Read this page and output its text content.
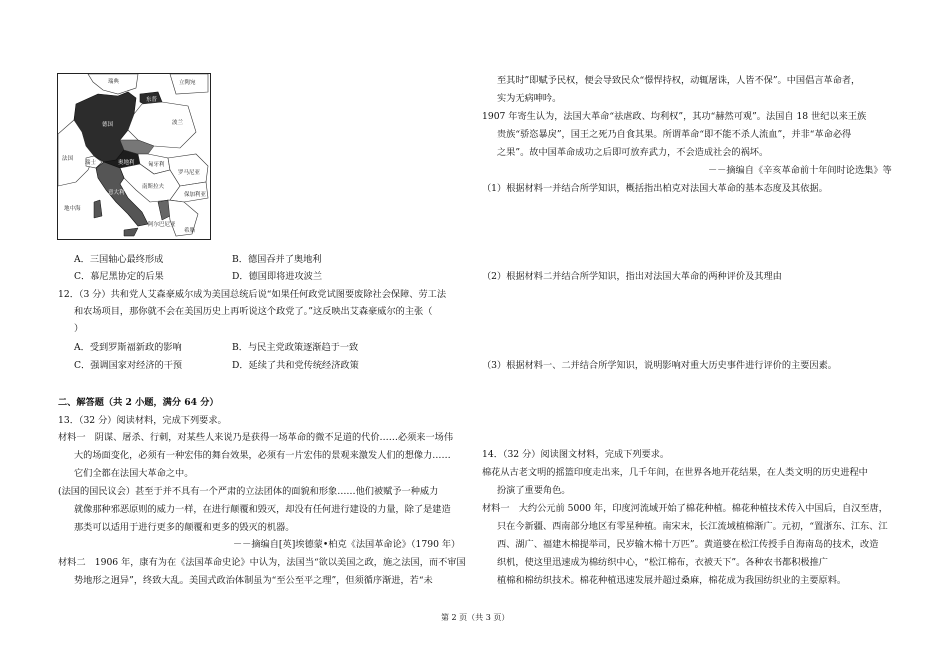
瑞典	立陶宛
东普
波兰
德国
奥地利 匈牙利
法国
瑞士
罗马尼亚
南斯拉夫
保加利亚
意大利
地中海
阿尔巴尼亚
希腊
A．三国轴心最终形成	B．德国吞并了奥地利
C．慕尼黑协定的后果	D．德国即将进攻波兰
12．（3 分）共和党人艾森豪威尔成为美国总统后说“如果任何政党试图要废除社会保障、劳工法
和农场项目，那你就不会在美国历史上再听说这个政党了。”这反映出艾森豪威尔的主张（
）
A．受到罗斯福新政的影响	B．与民主党政策逐渐趋于一致
C．强调国家对经济的干预	D．延续了共和党传统经济政策
二、解答题（共 2 小题，满分 64 分）
13．（32 分）阅读材料，完成下列要求。
材料一　阴谋、屠杀、行刺，对某些人来说乃是获得一场革命的微不足道的代价……必须来一场伟
大的场面变化，必须有一种宏伟的舞台效果，必须有一片宏伟的景观来激发人们的想像力……
它们全都在法国大革命之中。
(法国的国民议会）甚至于并不具有一个严肃的立法团体的面貌和形象……他们被赋予一种威力
就像那种邪恶原则的威力一样，在进行颠覆和毁灭，却没有任何进行建设的力量，除了是建造
那类可以适用于进行更多的颠覆和更多的毁灭的机器。
－－摘编自[英]埃德蒙•柏克《法国革命论》（1790 年）
材料二　1906 年，康有为在《法国革命史论》中认为，法国当“欲以美国之政，施之法国，而不审国
势地形之迥异”，终致大乱。美国式政治体制虽为“至公至平之理”，但须循序渐进，若“未
至其时”即赋予民权，便会导致民众“憬悍持权，动辄屠诛，人皆不保”。中国倡言革命者，
实为无病呻吟。
1907 年寄生认为，法国大革命“祛虐政、均利权”，其功“赫然可观”。法国自 18 世纪以来王族
贵族“骄恣暴戾”，国王之死乃自食其果。所谓革命“即不能不杀人流血”，并非“革命必得
之果”。故中国革命成功之后即可放弃武力，不会造成社会的祸坏。
－－摘编自《辛亥革命前十年间时论选集》等
（1）根据材料一并结合所学知识，概括指出柏克对法国大革命的基本态度及其依据。
（2）根据材料二并结合所学知识，指出对法国大革命的两种评价及其理由
（3）根据材料一、二并结合所学知识，说明影响对重大历史事件进行评价的主要因素。
14．（32 分）阅读图文材料，完成下列要求。
棉花从古老文明的摇篮印度走出来，几千年间，在世界各地开花结果，在人类文明的历史进程中
扮演了重要角色。
材料一　大约公元前 5000 年，印度河流域开始了棉花种植。棉花种植技术传入中国后，自汉至唐，
只在今新疆、西南部分地区有零星种植。南宋末，长江流域植棉渐广。元初，“置浙东、江东、江
西、湖广、福建木棉提举司，民岁输木棉十万匹”。黄道婆在松江传授手自海南岛的技术，改造
织机，使这里迅速成为棉纺织中心，“松江棉布，衣被天下”。各种农书都积极推广
植棉和棉纺织技术。棉花种植迅速发展并超过桑麻，棉花成为我国纺织业的主要原料。
第 2 页（共 3 页）
